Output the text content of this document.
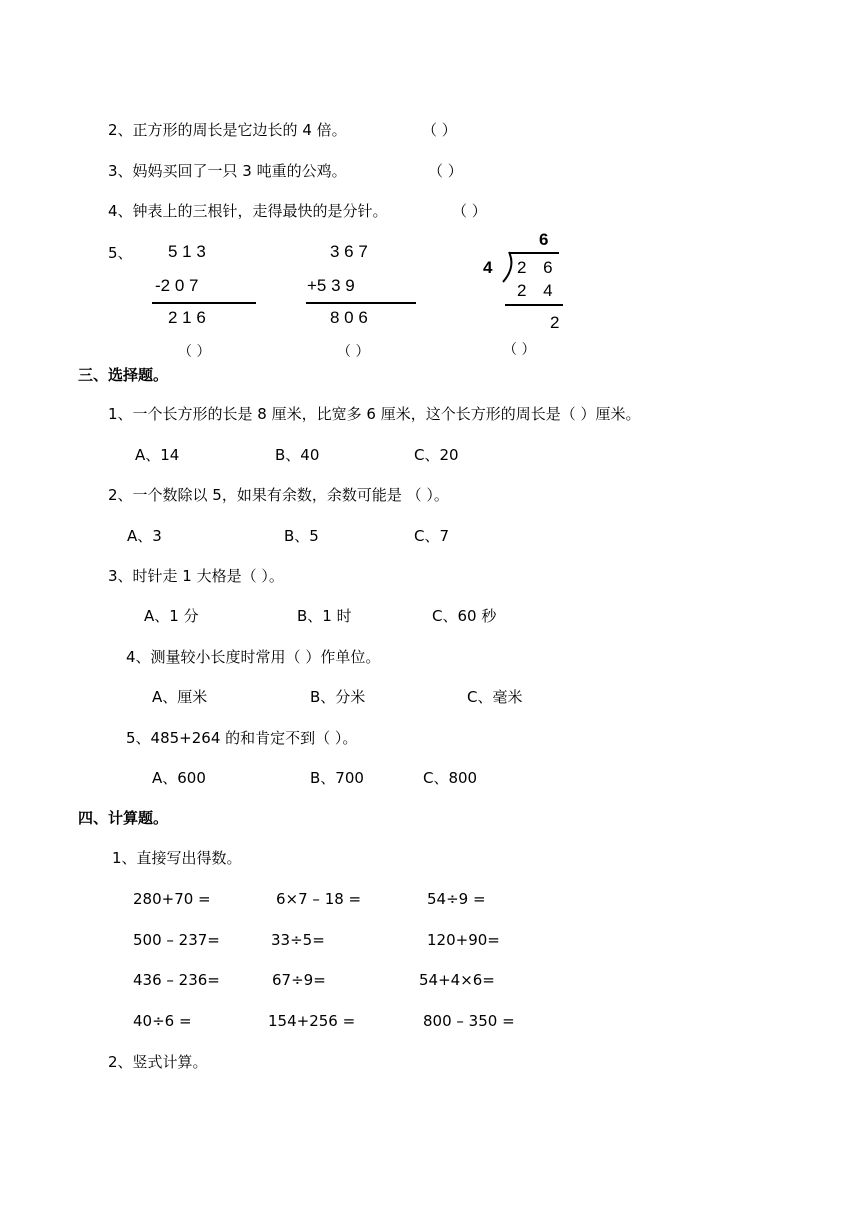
2、正方形的周长是它边长的 4 倍。	（ ）
3、妈妈买回了一只 3 吨重的公鸡。	（ ）
4、钟表上的三根针，走得最快的是分针。	（ ）
5、 5 1 3
-2 0 7
2 1 6
（ ）
3 6 7
+5 3 9
8 0 6
（ ）
6
4 2 6
2 4
2
（ ）
三、选择题。
1、一个长方形的长是 8 厘米，比宽多 6 厘米，这个长方形的周长是（ ）厘米。
A、14	B、40	C、20
2、一个数除以 5，如果有余数，余数可能是 （ ）。
A、3	B、5	C、7
3、时针走 1 大格是（ ）。
A、1 分	B、1 时	C、60 秒
4、测量较小长度时常用（ ）作单位。
A、厘米	B、分米	C、毫米
5、485+264 的和肯定不到（ ）。
A、600	B、700	C、800
四、计算题。
1、直接写出得数。
280+70 =	6×7 – 18 =	54÷9 =
500 – 237=	33÷5=	120+90=
436 – 236=	67÷9=	54+4×6=
40÷6 =	154+256 =	800 – 350 =
2、竖式计算。
